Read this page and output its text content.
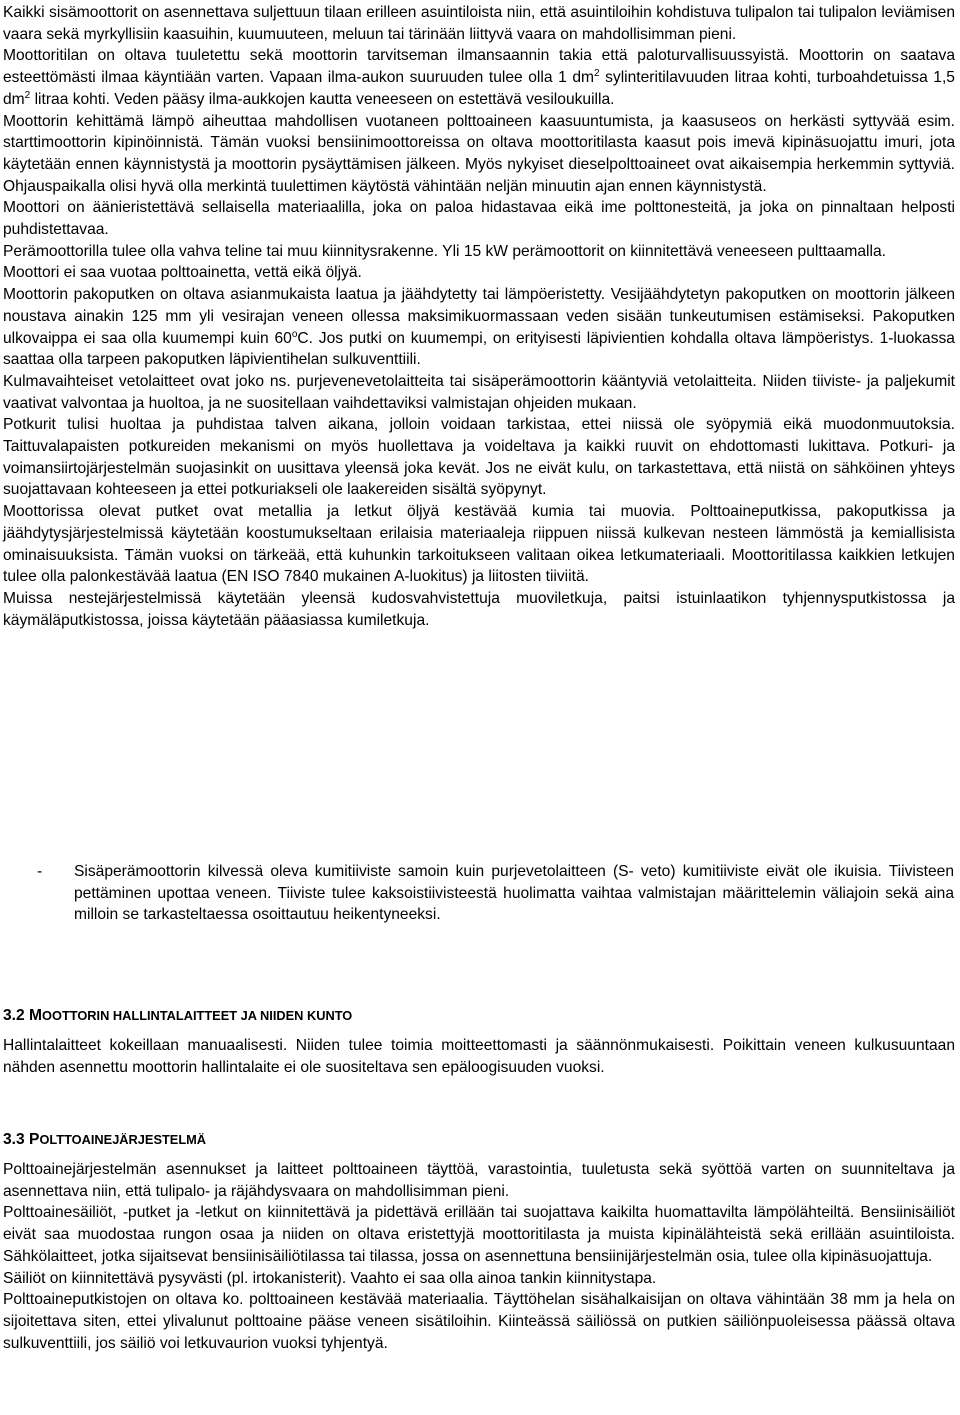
Kaikki sisämoottorit on asennettava suljettuun tilaan erilleen asuintiloista niin, että asuintiloihin kohdistuva tulipalon tai tulipalon leviämisen vaara sekä myrkyllisiin kaasuihin, kuumuuteen, meluun tai tärinään liittyvä vaara on mahdollisimman pieni.

Moottoritilan on oltava tuuletettu sekä moottorin tarvitseman ilmansaannin takia että paloturvallisuussyistä. Moottorin on saatava esteettömästi ilmaa käyntiään varten. Vapaan ilma-aukon suuruuden tulee olla 1 $dm^2$ sylinteritilavuuden litraa kohti, turboahdetuissa 1,5 $dm^2$ litraa kohti. Veden pääsy ilma-aukkojen kautta veneeseen on estettävä vesiloukuilla.

Moottorin kehittämä lämpö aiheuttaa mahdollisen vuotaneen polttoaineen kaasuuntumista, ja kaasuseos on herkästi syttyvää esim. starttimoottorin kipinöinnistä. Tämän vuoksi bensiinimoottoreissa on oltava moottoritilasta kaasut pois imevä kipinäsuojattu imuri, jota käytetään ennen käynnistystä ja moottorin pysäyttämisen jälkeen. Myös nykyiset dieselpolttoaineet ovat aikaisempia herkemmin syttyviä. Ohjauspaikalla olisi hyvä olla merkintä tuulettimen käytöstä vähintään neljän minuutin ajan ennen käynnistystä.

Moottori on äänieristettävä sellaisella materiaalilla, joka on paloa hidastavaa eikä ime polttonesteitä, ja joka on pinnaltaan helposti puhdistettavaa.

Perämoottorilla tulee olla vahva teline tai muu kiinnitysrakenne. Yli 15 kW perämoottorit on kiinnitettävä veneeseen pulttaamalla.

Moottori ei saa vuotaa polttoainetta, vettä eikä öljyä.

Moottorin pakoputken on oltava asianmukaista laatua ja jäähdytetty tai lämpöeristetty. Vesijäähdytetyn pakoputken on moottorin jälkeen noustava ainakin 125 mm yli vesirajan veneen ollessa maksimikuormassaan veden sisään tunkeutumisen estämiseksi. Pakoputken ulkovaippa ei saa olla kuumempi kuin 60$^o$C. Jos putki on kuumempi, on erityisesti läpivientien kohdalla oltava lämpöeristys. 1-luokassa saattaa olla tarpeen pakoputken läpivientihelan sulkuventtiili.

Kulmavaihteiset vetolaitteet ovat joko ns. purjevenevetolaitteita tai sisäperämoottorin kääntyviä vetolaitteita. Niiden tiiviste- ja paljekumit vaativat valvontaa ja huoltoa, ja ne suositellaan vaihdettaviksi valmistajan ohjeiden mukaan.

Potkurit tulisi huoltaa ja puhdistaa talven aikana, jolloin voidaan tarkistaa, ettei niissä ole syöpymiä eikä muodonmuutoksia. Taittuvalapaisten potkureiden mekanismi on myös huollettava ja voideltava ja kaikki ruuvit on ehdottomasti lukittava. Potkuri- ja voimansiirtojärjestelmän suojasinkit on uusittava yleensä joka kevät. Jos ne eivät kulu, on tarkastettava, että niistä on sähköinen yhteys suojattavaan kohteeseen ja ettei potkuriakseli ole laakereiden sisältä syöpynyt.

Moottorissa olevat putket ovat metallia ja letkut öljyä kestävää kumia tai muovia. Polttoaineputkissa, pakoputkissa ja jäähdytysjärjestelmissä käytetään koostumukseltaan erilaisia materiaaleja riippuen niissä kulkevan nesteen lämmöstä ja kemiallisista ominaisuuksista. Tämän vuoksi on tärkeää, että kuhunkin tarkoitukseen valitaan oikea letkumateriaali. Moottoritilassa kaikkien letkujen tulee olla palonkestävää laatua (EN ISO 7840 mukainen A-luokitus) ja liitosten tiiviitä.

Muissa nestejärjestelmissä käytetään yleensä kudosvahvistettuja muoviletkuja, paitsi istuinlaatikon tyhjennysputkistossa ja käymäläputkistossa, joissa käytetään pääasiassa kumiletkuja.

- Sisäperämoottorin kilvessä oleva kumitiiviste samoin kuin purjevetolaitteen (S- veto) kumitiiviste eivät ole ikuisia. Tiivisteen pettäminen upottaa veneen. Tiiviste tulee kaksoistiivisteestä huolimatta vaihtaa valmistajan määrittelemin väliajoin sekä aina milloin se tarkasteltaessa osoittautuu heikentyneeksi.
3.2 MOOTTORIN HALLINTALAITTEET JA NIIDEN KUNTO

Hallintalaitteet kokeillaan manuaalisesti. Niiden tulee toimia moitteettomasti ja säännönmukaisesti. Poikittain veneen kulkusuuntaan nähden asennettu moottorin hallintalaite ei ole suositeltava sen epäloogisuuden vuoksi.

3.3 POLTTOAINEJÄRJESTELMÄ

Polttoainejärjestelmän asennukset ja laitteet polttoaineen täyttöä, varastointia, tuuletusta sekä syöttöä varten on suunniteltava ja asennettava niin, että tulipalo- ja räjähdysvaara on mahdollisimman pieni.

Polttoainesäiliöt, -putket ja -letkut on kiinnitettävä ja pidettävä erillään tai suojattava kaikilta huomattavilta lämpölähteiltä. Bensiinisäiliöt eivät saa muodostaa rungon osaa ja niiden on oltava eristettyjä moottoritilasta ja muista kipinälähteistä sekä erillään asuintiloista. Sähkölaitteet, jotka sijaitsevat bensiinisäiliötilassa tai tilassa, jossa on asennettuna bensiinijärjestelmän osia, tulee olla kipinäsuojattuja.

Säiliöt on kiinnitettävä pysyvästi (pl. irtokanisterit). Vaahto ei saa olla ainoa tankin kiinnitystapa.

Polttoaineputkistojen on oltava ko. polttoaineen kestävää materiaalia. Täyttöhelan sisähalkaisijan on oltava vähintään 38 mm ja hela on sijoitettava siten, ettei ylivalunut polttoaine pääse veneen sisätiloihin. Kiinteässä säiliössä on putkien säiliönpuoleisessa päässä oltava sulkuventtiili, jos säiliö voi letkuvaurion vuoksi tyhjentyä.
